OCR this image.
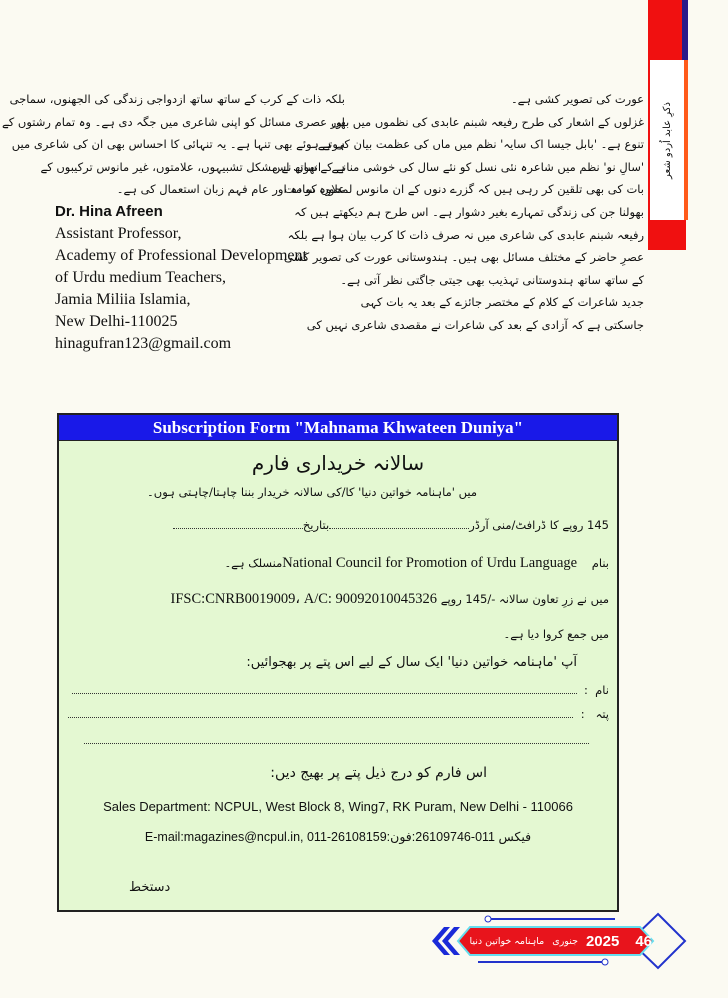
ذکرِ عابد اُردو شعر
عورت کی تصویر کشی ہے۔
غزلوں کے اشعار کی طرح رفیعہ شبنم عابدی کی نظموں میں بھی
تنوع ہے۔ 'بابل جیسا اک سایہ' نظم میں ماں کی عظمت بیان کی ہے۔
'سالِ نو' نظم میں شاعرہ نئی نسل کو نئے سال کی خوشی منانے کے ساتھ اس
بات کی بھی تلقین کر رہی ہیں کہ گزرے دنوں کے ان مانوس لمحوں کو مت
بھولنا جن کی زندگی تمہارے بغیر دشوار ہے۔ اس طرح ہم دیکھتے ہیں کہ
رفیعہ شبنم عابدی کی شاعری میں نہ صرف ذات کا کرب بیان ہوا ہے بلکہ
عصرِ حاضر کے مختلف مسائل بھی ہیں۔ ہندوستانی عورت کی تصویر کشی
کے ساتھ ساتھ ہندوستانی تہذیب بھی جیتی جاگتی نظر آتی ہے۔
جدید شاعرات کے کلام کے مختصر جائزے کے بعد یہ بات کہی
جاسکتی ہے کہ آزادی کے بعد کی شاعرات نے مقصدی شاعری نہیں کی
بلکہ ذات کے کرب کے ساتھ ساتھ ازدواجی زندگی کی الجھنوں، سماجی
اور عصری مسائل کو اپنی شاعری میں جگہ دی ہے۔ وہ تمام رشتوں کے
ہوتے ہوئے بھی تنہا ہے۔ یہ تنہائی کا احساس بھی ان کی شاعری میں
ہے۔ انھوں نے مشکل تشبیہوں، علامتوں، غیر مانوس ترکیبوں کے
علاوہ سادہ اور عام فہم زبان استعمال کی ہے۔
Dr. Hina Afreen
Assistant Professor,
Academy of Professional Development
of Urdu medium Teachers,
Jamia Miliia Islamia,
New Delhi-110025
hinagufran123@gmail.com
Subscription Form "Mahnama Khwateen Duniya"
سالانہ خریداری فارم
میں 'ماہنامہ خواتین دنیا' کا/کی سالانہ خریدار بننا چاہتا/چاہتی ہوں۔
145 روپے کا ڈرافٹ/منی آرڈربتاریخ
بنام    National Council for Promotion of Urdu Languageمنسلک ہے۔
میں نے زرِ تعاون سالانہ -/145 روپے IFSC:CNRB0019009، A/C: 90092010045326
میں جمع کروا دیا ہے۔
آپ 'ماہنامہ خواتین دنیا' ایک سال کے لیے اس پتے پر بھجوائیں:
نام  :
پتہ   :
اس فارم کو درج ذیل پتے پر بھیج دیں:
Sales Department: NCPUL, West Block 8, Wing7, RK Puram, New Delhi - 110066
E-mail:magazines@ncpul.in, 011-26108159:	فیکس 011-26109746:فون
دستخط
ماہنامہ خواتین دنیا جنوری 2025 46
